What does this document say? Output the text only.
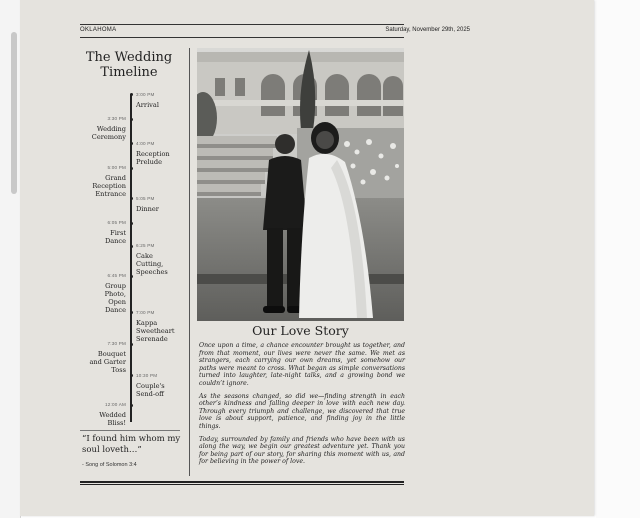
OKLAHOMA	Saturday, November 29th, 2025
The Wedding
Timeline
3:00 PM
Arrival
3:30 PM
Wedding
Ceremony
4:00 PM
Reception
Prelude
5:00 PM
Grand
Reception
Entrance
5:05 PM
Dinner
6:05 PM
First
Dance
6:25 PM
Cake
Cutting,
Speeches
6:45 PM
Group
Photo,
Open
Dance 7:00 PM
Kappa
Sweetheart
Serenade
7:30 PM
Bouquet
and Garter
Toss
10:30 PM
Couple's
Send-off
12:00 AM
Wedded
Bliss!
“I found him whom my soul loveth…”
- Song of Solomon 3:4
Our Love Story

Once upon a time, a chance encounter brought us together, and from that moment, our lives were never the same. We met as strangers, each carrying our own dreams, yet somehow our paths were meant to cross. What began as simple conversations turned into laughter, late-night talks, and a growing bond we couldn’t ignore.

As the seasons changed, so did we—finding strength in each other’s kindness and falling deeper in love with each new day. Through every triumph and challenge, we discovered that true love is about support, patience, and finding joy in the little things.

Today, surrounded by family and friends who have been with us along the way, we begin our greatest adventure yet. Thank you for being part of our story, for sharing this moment with us, and for believing in the power of love.
